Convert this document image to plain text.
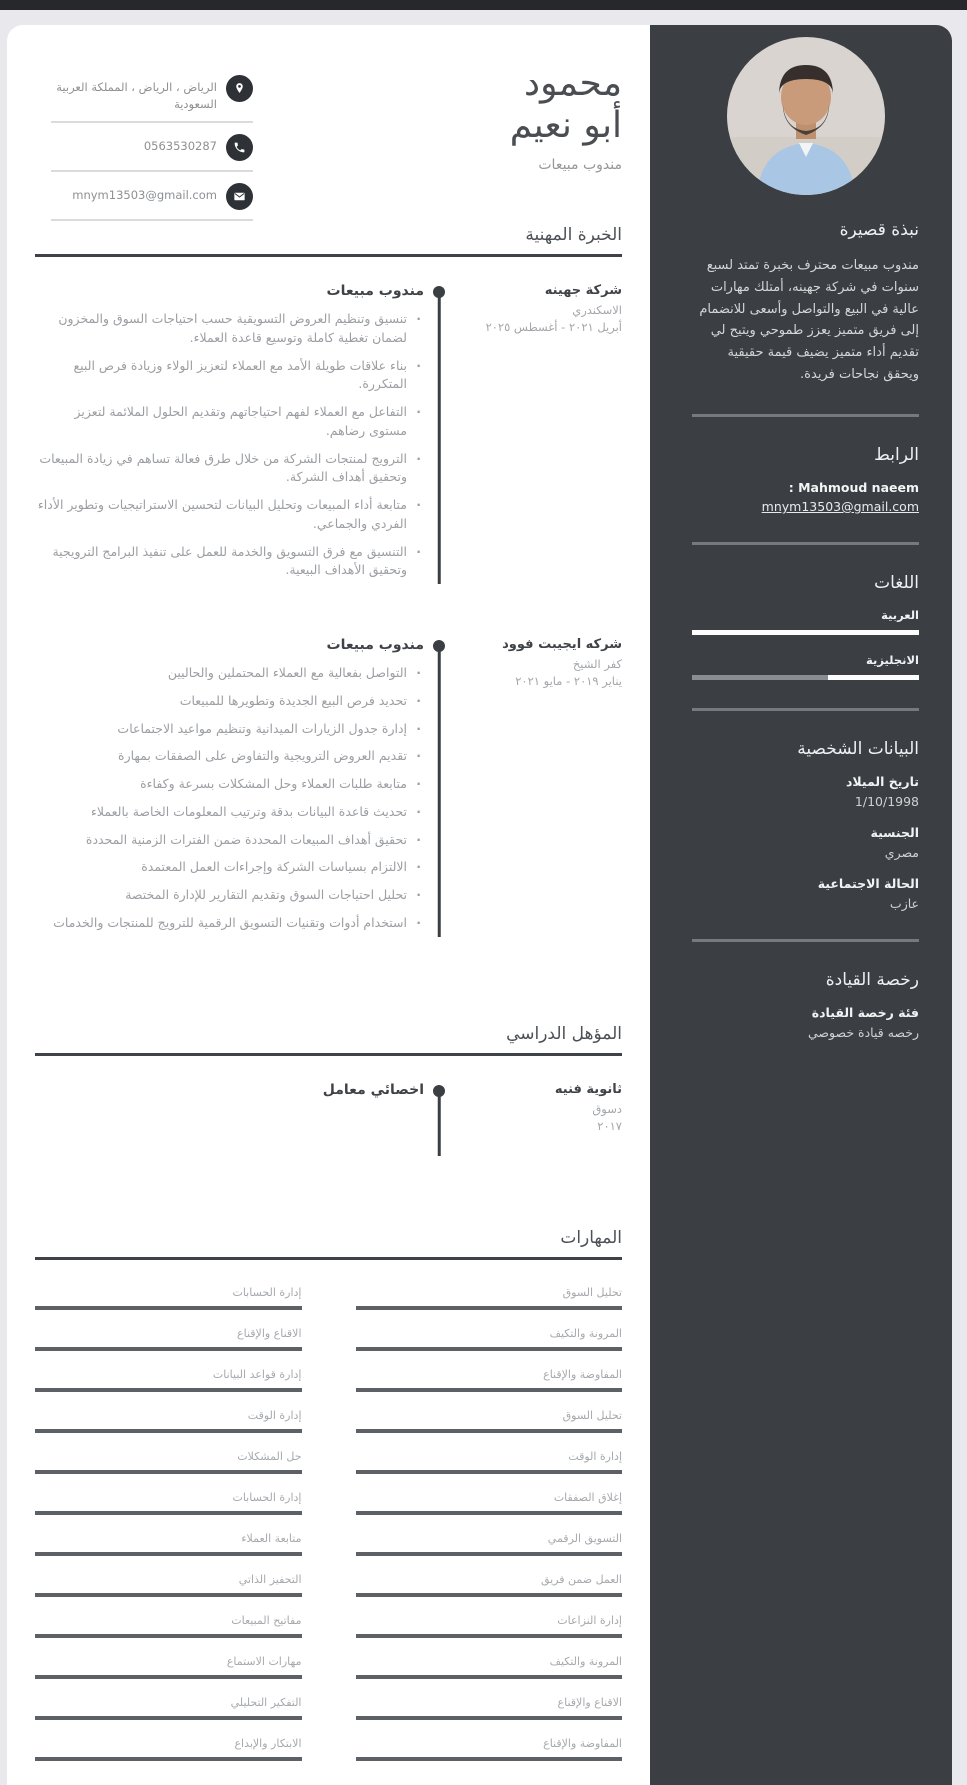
نبذة قصيرة

مندوب مبيعات محترف بخبرة تمتد لسبع سنوات في شركة جهينه، أمتلك مهارات عالية في البيع والتواصل وأسعى للانضمام إلى فريق متميز يعزز طموحي ويتيح لي تقديم أداء متميز يضيف قيمة حقيقية ويحقق نجاحات فريدة.

الرابط
Mahmoud naeem :
mnym13503@gmail.com
اللغات
العربية
الانجليزية
البيانات الشخصية
تاريخ الميلاد
1/10/1998
الجنسية
مصري
الحالة الاجتماعية
عازب
رخصة القيادة
فئة رخصة القيادة
رخصه قيادة خصوصي
محمود
أبو نعيم
مندوب مبيعات
الرياض ، الرياض ، المملكة العربية
السعودية
0563530287
mnym13503@gmail.com
الخبرة المهنية
شركة جهينه
الاسكندري
أبريل ٢٠٢١ - أغسطس ٢٠٢٥
مندوب مبيعات
· تنسيق وتنظيم العروض التسويقية حسب احتياجات السوق والمخزون لضمان تغطية كاملة وتوسيع قاعدة العملاء.
· بناء علاقات طويلة الأمد مع العملاء لتعزيز الولاء وزيادة فرص البيع المتكررة.
· التفاعل مع العملاء لفهم احتياجاتهم وتقديم الحلول الملائمة لتعزيز مستوى رضاهم.
· الترويج لمنتجات الشركة من خلال طرق فعالة تساهم في زيادة المبيعات وتحقيق أهداف الشركة.
· متابعة أداء المبيعات وتحليل البيانات لتحسين الاستراتيجيات وتطوير الأداء الفردي والجماعي.
· التنسيق مع فرق التسويق والخدمة للعمل على تنفيذ البرامج الترويجية وتحقيق الأهداف البيعية.
شركه ايجيبت فوود
كفر الشيخ
يناير ٢٠١٩ - مايو ٢٠٢١
مندوب مبيعات
· التواصل بفعالية مع العملاء المحتملين والحاليين
· تحديد فرص البيع الجديدة وتطويرها للمبيعات
· إدارة جدول الزيارات الميدانية وتنظيم مواعيد الاجتماعات
· تقديم العروض الترويجية والتفاوض على الصفقات بمهارة
· متابعة طلبات العملاء وحل المشكلات بسرعة وكفاءة
· تحديث قاعدة البيانات بدقة وترتيب المعلومات الخاصة بالعملاء
· تحقيق أهداف المبيعات المحددة ضمن الفترات الزمنية المحددة
· الالتزام بسياسات الشركة وإجراءات العمل المعتمدة
· تحليل احتياجات السوق وتقديم التقارير للإدارة المختصة
· استخدام أدوات وتقنيات التسويق الرقمية للترويج للمنتجات والخدمات
المؤهل الدراسي
ثانوية فنيه
دسوق
٢٠١٧
اخصائي معامل
المهارات
تحليل السوق
إدارة الحسابات
المرونة والتكيف
الاقناع والإقناع
المفاوضة والإقناع
إدارة قواعد البيانات
تحليل السوق
إدارة الوقت
إدارة الوقت
حل المشكلات
إغلاق الصفقات
إدارة الحسابات
التسويق الرقمي
متابعة العملاء
العمل ضمن فريق
التحفيز الذاتي
إدارة النزاعات
مفاتيح المبيعات
المرونة والتكيف
مهارات الاستماع
الاقناع والإقناع
التفكير التحليلي
المفاوضة والإقناع
الابتكار والإبداع
